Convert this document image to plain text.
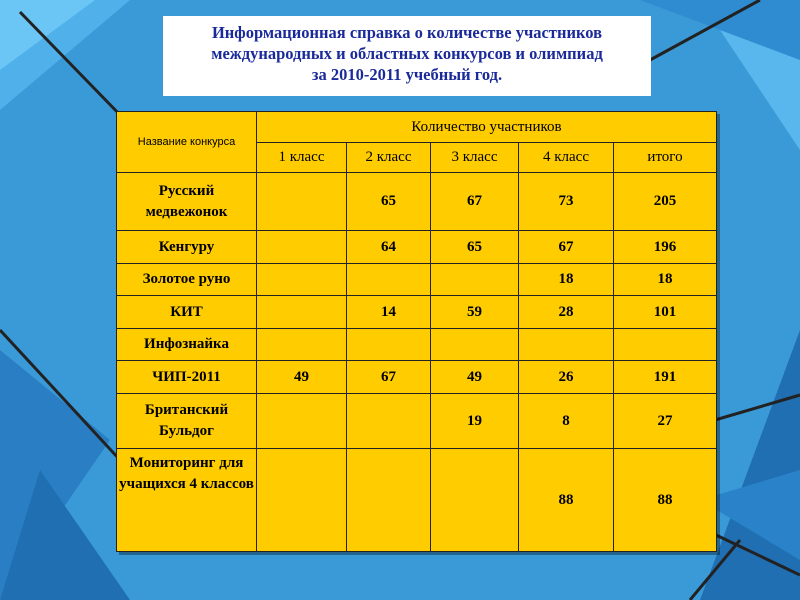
Информационная справка о количестве участников
международных и областных конкурсов и олимпиад
за 2010-2011 учебный год.
Название конкурса	Количество участников				
	1 класс	2 класс	3 класс	4 класс	итого
Русский медвежонок		65	67	73	205
Кенгуру		64	65	67	196
Золотое руно				18	18
КИТ		14	59	28	101
Инфознайка					
ЧИП-2011	49	67	49	26	191
Британский Бульдог			19	8	27
Мониторинг для учащихся 4 классов				88	88
